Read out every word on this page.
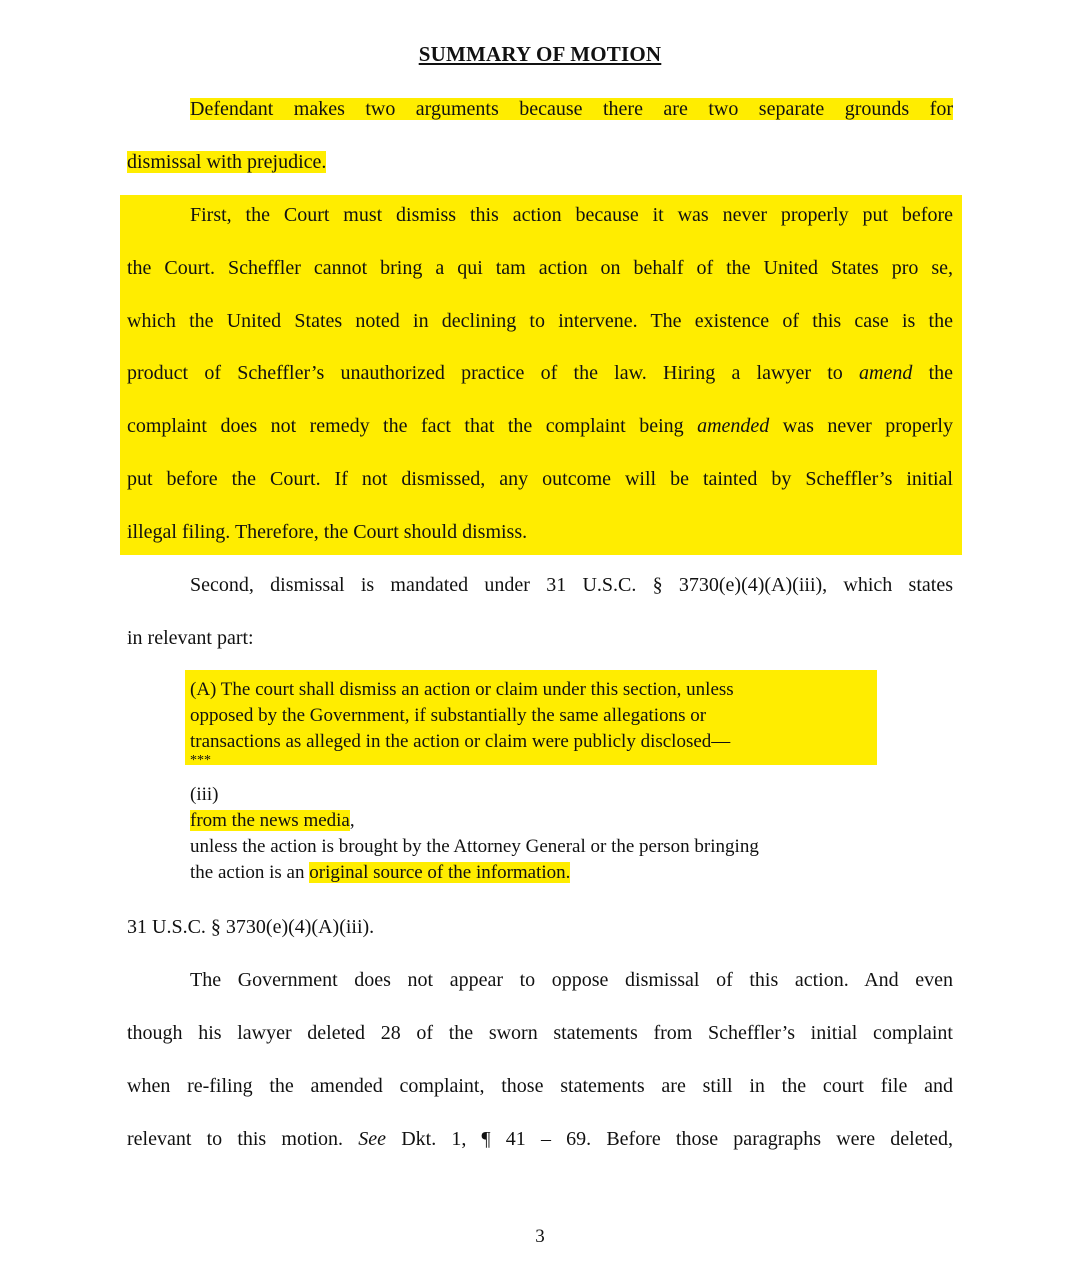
SUMMARY OF MOTION
Defendant makes two arguments because there are two separate grounds for
dismissal with prejudice.
First, the Court must dismiss this action because it was never properly put before
the Court. Scheffler cannot bring a qui tam action on behalf of the United States pro se,
which the United States noted in declining to intervene. The existence of this case is the
product of Scheffler’s unauthorized practice of the law. Hiring a lawyer to amend the
complaint does not remedy the fact that the complaint being amended was never properly
put before the Court. If not dismissed, any outcome will be tainted by Scheffler’s initial
illegal filing. Therefore, the Court should dismiss.
Second, dismissal is mandated under 31 U.S.C. § 3730(e)(4)(A)(iii), which states
in relevant part:
(A) The court shall dismiss an action or claim under this section, unless
opposed by the Government, if substantially the same allegations or
transactions as alleged in the action or claim were publicly disclosed—
***
(iii)
from the news media,
unless the action is brought by the Attorney General or the person bringing
the action is an original source of the information.
31 U.S.C. § 3730(e)(4)(A)(iii).
The Government does not appear to oppose dismissal of this action. And even
though his lawyer deleted 28 of the sworn statements from Scheffler’s initial complaint
when re-filing the amended complaint, those statements are still in the court file and
relevant to this motion. See Dkt. 1, ¶ 41 – 69. Before those paragraphs were deleted,
3
